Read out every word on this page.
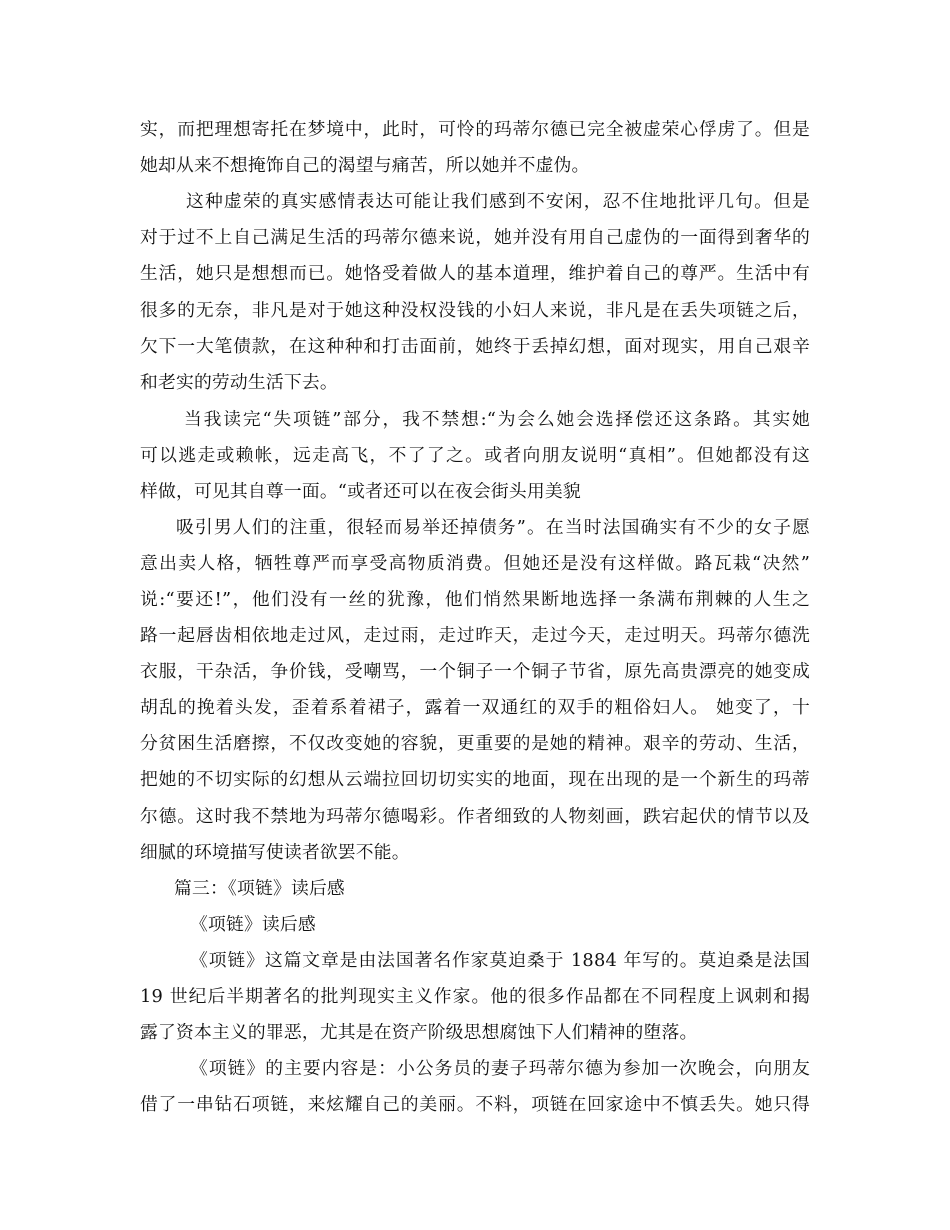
实，而把理想寄托在梦境中，此时，可怜的玛蒂尔德已完全被虚荣心俘虏了。但是
她却从来不想掩饰自己的渴望与痛苦，所以她并不虚伪。
这种虚荣的真实感情表达可能让我们感到不安闲，忍不住地批评几句。但是
对于过不上自己满足生活的玛蒂尔德来说，她并没有用自己虚伪的一面得到奢华的
生活，她只是想想而已。她恪受着做人的基本道理，维护着自己的尊严。生活中有
很多的无奈，非凡是对于她这种没权没钱的小妇人来说，非凡是在丢失项链之后，
欠下一大笔债款，在这种种和打击面前，她终于丢掉幻想，面对现实，用自己艰辛
和老实的劳动生活下去。
当我读完“失项链”部分，我不禁想:“为会么她会选择偿还这条路。其实她
可以逃走或赖帐，远走高飞，不了了之。或者向朋友说明“真相”。但她都没有这
样做，可见其自尊一面。“或者还可以在夜会街头用美貌
吸引男人们的注重，很轻而易举还掉债务”。在当时法国确实有不少的女子愿
意出卖人格，牺牲尊严而享受高物质消费。但她还是没有这样做。路瓦栽“决然”
说:“要还!”，他们没有一丝的犹豫，他们悄然果断地选择一条满布荆棘的人生之
路一起唇齿相依地走过风，走过雨，走过昨天，走过今天，走过明天。玛蒂尔德洗
衣服，干杂活，争价钱，受嘲骂，一个铜子一个铜子节省，原先高贵漂亮的她变成
胡乱的挽着头发，歪着系着裙子，露着一双通红的双手的粗俗妇人。 她变了，十
分贫困生活磨擦，不仅改变她的容貌，更重要的是她的精神。艰辛的劳动、生活，
把她的不切实际的幻想从云端拉回切切实实的地面，现在出现的是一个新生的玛蒂
尔德。这时我不禁地为玛蒂尔德喝彩。作者细致的人物刻画，跌宕起伏的情节以及
细腻的环境描写使读者欲罢不能。
篇三：《项链》读后感
《项链》读后感
《项链》这篇文章是由法国著名作家莫迫桑于 1884 年写的。莫迫桑是法国
19 世纪后半期著名的批判现实主义作家。他的很多作品都在不同程度上讽刺和揭
露了资本主义的罪恶，尤其是在资产阶级思想腐蚀下人们精神的堕落。
《项链》的主要内容是：小公务员的妻子玛蒂尔德为参加一次晚会，向朋友
借了一串钻石项链，来炫耀自己的美丽。不料，项链在回家途中不慎丢失。她只得
